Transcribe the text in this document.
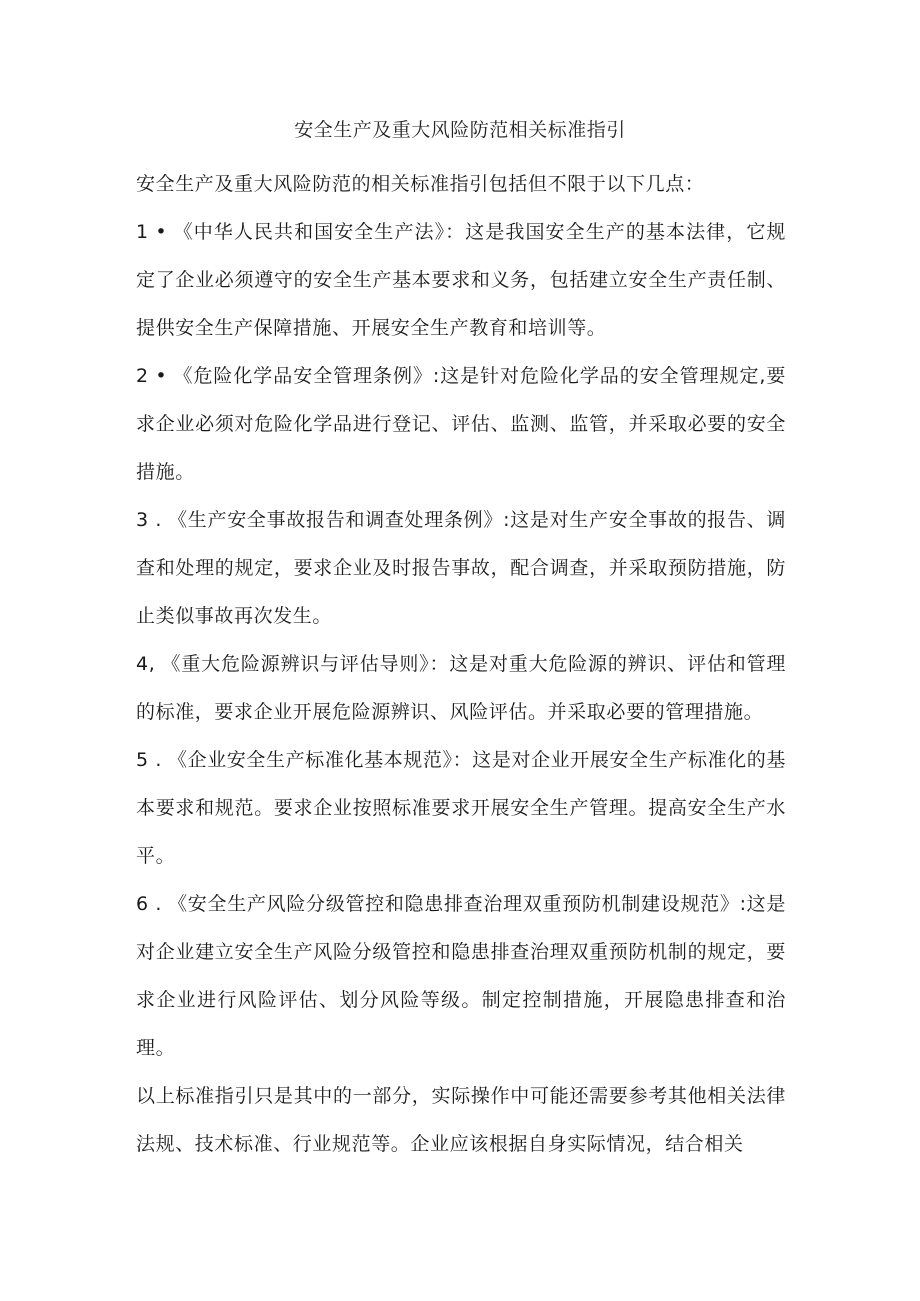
安全生产及重大风险防范相关标准指引

安全生产及重大风险防范的相关标准指引包括但不限于以下几点：

1 • 《中华人民共和国安全生产法》：这是我国安全生产的基本法律，它规定了企业必须遵守的安全生产基本要求和义务，包括建立安全生产责任制、提供安全生产保障措施、开展安全生产教育和培训等。

2 • 《危险化学品安全管理条例》:这是针对危险化学品的安全管理规定,要求企业必须对危险化学品进行登记、评估、监测、监管，并采取必要的安全措施。

3 . 《生产安全事故报告和调查处理条例》:这是对生产安全事故的报告、调查和处理的规定，要求企业及时报告事故，配合调查，并采取预防措施，防止类似事故再次发生。

4, 《重大危险源辨识与评估导则》：这是对重大危险源的辨识、评估和管理的标准，要求企业开展危险源辨识、风险评估。并采取必要的管理措施。

5 . 《企业安全生产标准化基本规范》：这是对企业开展安全生产标准化的基本要求和规范。要求企业按照标准要求开展安全生产管理。提高安全生产水平。

6 . 《安全生产风险分级管控和隐患排查治理双重预防机制建设规范》:这是对企业建立安全生产风险分级管控和隐患排查治理双重预防机制的规定，要求企业进行风险评估、划分风险等级。制定控制措施，开展隐患排查和治理。

以上标准指引只是其中的一部分，实际操作中可能还需要参考其他相关法律法规、技术标准、行业规范等。企业应该根据自身实际情况，结合相关
